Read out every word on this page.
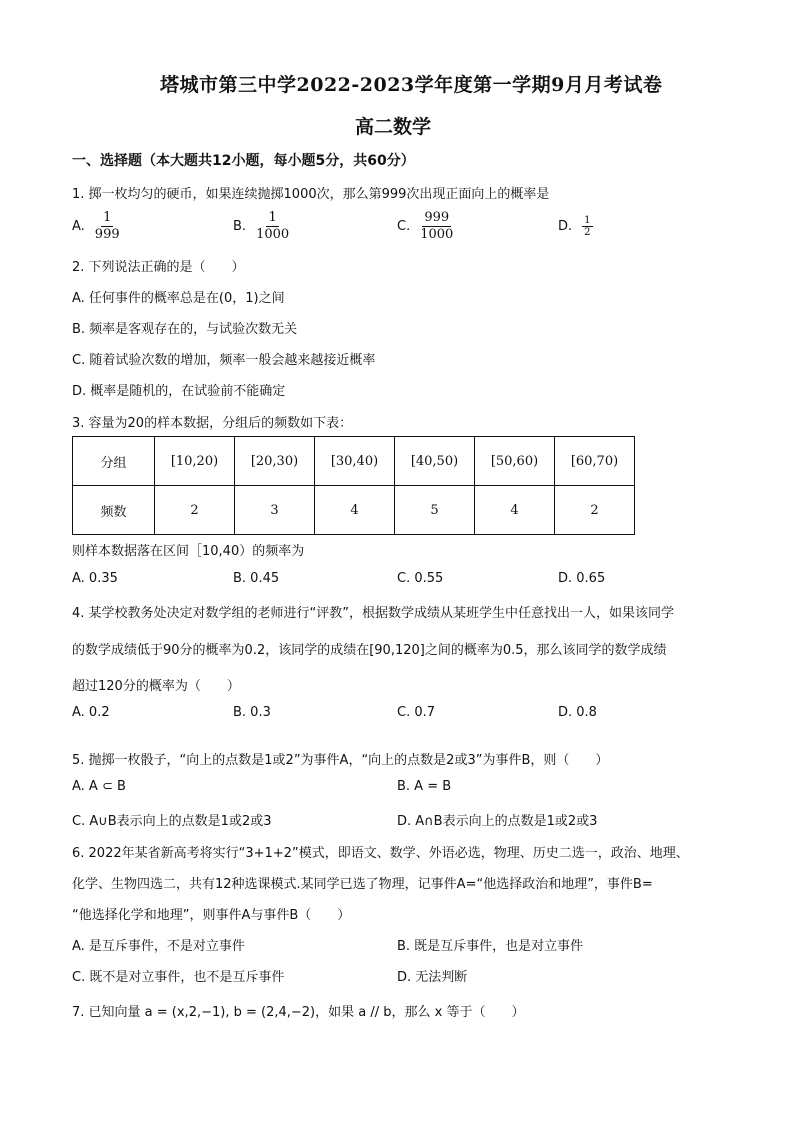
塔城市第三中学2022-2023学年度第一学期9月月考试卷
高二数学
一、选择题（本大题共12小题，每小题5分，共60分）
1. 掷一枚均匀的硬币，如果连续抛掷1000次，那么第999次出现正面向上的概率是
A. $\frac{1}{999}$	B. $\frac{1}{1000}$	C. $\frac{999}{1000}$	D. $\frac{1}{2}$
2. 下列说法正确的是（　　）
A. 任何事件的概率总是在(0，1)之间
B. 频率是客观存在的，与试验次数无关
C. 随着试验次数的增加，频率一般会越来越接近概率
D. 概率是随机的，在试验前不能确定
3. 容量为20的样本数据，分组后的频数如下表：
分组	[10,20)	[20,30)	[30,40)	[40,50)	[50,60)	[60,70)
频数	2	3	4	5	4	2
则样本数据落在区间［10,40）的频率为
A. 0.35	B. 0.45	C. 0.55	D. 0.65
4. 某学校教务处决定对数学组的老师进行“评教”，根据数学成绩从某班学生中任意找出一人，如果该同学
的数学成绩低于90分的概率为0.2，该同学的成绩在[90,120]之间的概率为0.5，那么该同学的数学成绩
超过120分的概率为（　　）
A. 0.2	B. 0.3	C. 0.7	D. 0.8
5. 抛掷一枚骰子，“向上的点数是1或2”为事件A，“向上的点数是2或3”为事件B，则（　　）
A. A ⊂ B	B. A = B
C. A∪B表示向上的点数是1或2或3	D. A∩B表示向上的点数是1或2或3
6. 2022年某省新高考将实行“3+1+2”模式，即语文、数学、外语必选，物理、历史二选一，政治、地理、
化学、生物四选二，共有12种选课模式.某同学已选了物理，记事件A=“他选择政治和地理”，事件B=
“他选择化学和地理”，则事件A与事件B（　　）
A. 是互斥事件，不是对立事件	B. 既是互斥事件，也是对立事件
C. 既不是对立事件，也不是互斥事件	D. 无法判断
7. 已知向量 a = (x,2,−1), b = (2,4,−2)，如果 a // b，那么 x 等于（　　）
